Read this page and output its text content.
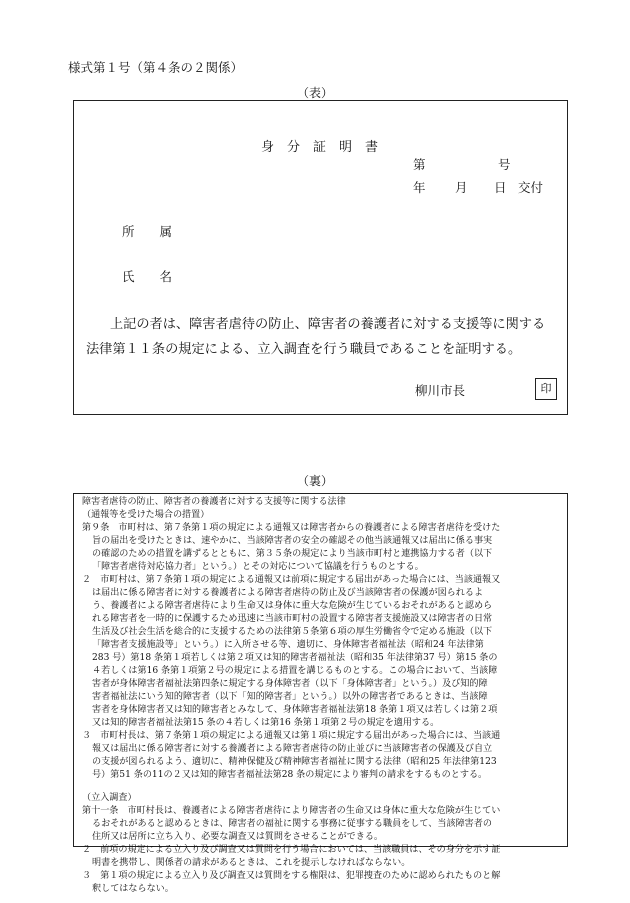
様式第１号（第４条の２関係）
（表）
身　分　証　明　書
第	号
年 月 日 交付
所　　属
氏　　名
上記の者は、障害者虐待の防止、障害者の養護者に対する支援等に関する
法律第１１条の規定による、立入調査を行う職員であることを証明する。
柳川市長	印
（裏）
障害者虐待の防止、障害者の養護者に対する支援等に関する法律
（通報等を受けた場合の措置）
第９条　市町村は、第７条第１項の規定による通報又は障害者からの養護者による障害者虐待を受けた
旨の届出を受けたときは、速やかに、当該障害者の安全の確認その他当該通報又は届出に係る事実
の確認のための措置を講ずるとともに、第３５条の規定により当該市町村と連携協力する者（以下
「障害者虐待対応協力者」という。）とその対応について協議を行うものとする。
２　市町村は、第７条第１項の規定による通報又は前項に規定する届出があった場合には、当該通報又
は届出に係る障害者に対する養護者による障害者虐待の防止及び当該障害者の保護が図られるよ
う、養護者による障害者虐待により生命又は身体に重大な危険が生じているおそれがあると認めら
れる障害者を一時的に保護するため迅速に当該市町村の設置する障害者支援施設又は障害者の日常
生活及び社会生活を総合的に支援するための法律第５条第６項の厚生労働省令で定める施設（以下
「障害者支援施設等」という。）に入所させる等、適切に、身体障害者福祉法（昭和24 年法律第
283 号）第18 条第１項若しくは第２項又は知的障害者福祉法（昭和35 年法律第37 号）第15 条の
４若しくは第16 条第１項第２号の規定による措置を講じるものとする。この場合において、当該障
害者が身体障害者福祉法第四条に規定する身体障害者（以下「身体障害者」という。）及び知的障
害者福祉法にいう知的障害者（以下「知的障害者」という。）以外の障害者であるときは、当該障
害者を身体障害者又は知的障害者とみなして、身体障害者福祉法第18 条第１項又は若しくは第２項
又は知的障害者福祉法第15 条の４若しくは第16 条第１項第２号の規定を適用する。
３　市町村長は、第７条第１項の規定による通報又は第１項に規定する届出があった場合には、当該通
報又は届出に係る障害者に対する養護者による障害者虐待の防止並びに当該障害者の保護及び自立
の支援が図られるよう、適切に、精神保健及び精神障害者福祉に関する法律（昭和25 年法律第123
号）第51 条の11の２又は知的障害者福祉法第28 条の規定により審判の請求をするものとする。
（立入調査）
第十一条　市町村長は、養護者による障害者虐待により障害者の生命又は身体に重大な危険が生じてい
るおそれがあると認めるときは、障害者の福祉に関する事務に従事する職員をして、当該障害者の
住所又は居所に立ち入り、必要な調査又は質問をさせることができる。
２　前項の規定による立入り及び調査又は質問を行う場合においては、当該職員は、その身分を示す証
明書を携帯し、関係者の請求があるときは、これを提示しなければならない。
３　第１項の規定による立入り及び調査又は質問をする権限は、犯罪捜査のために認められたものと解
釈してはならない。
